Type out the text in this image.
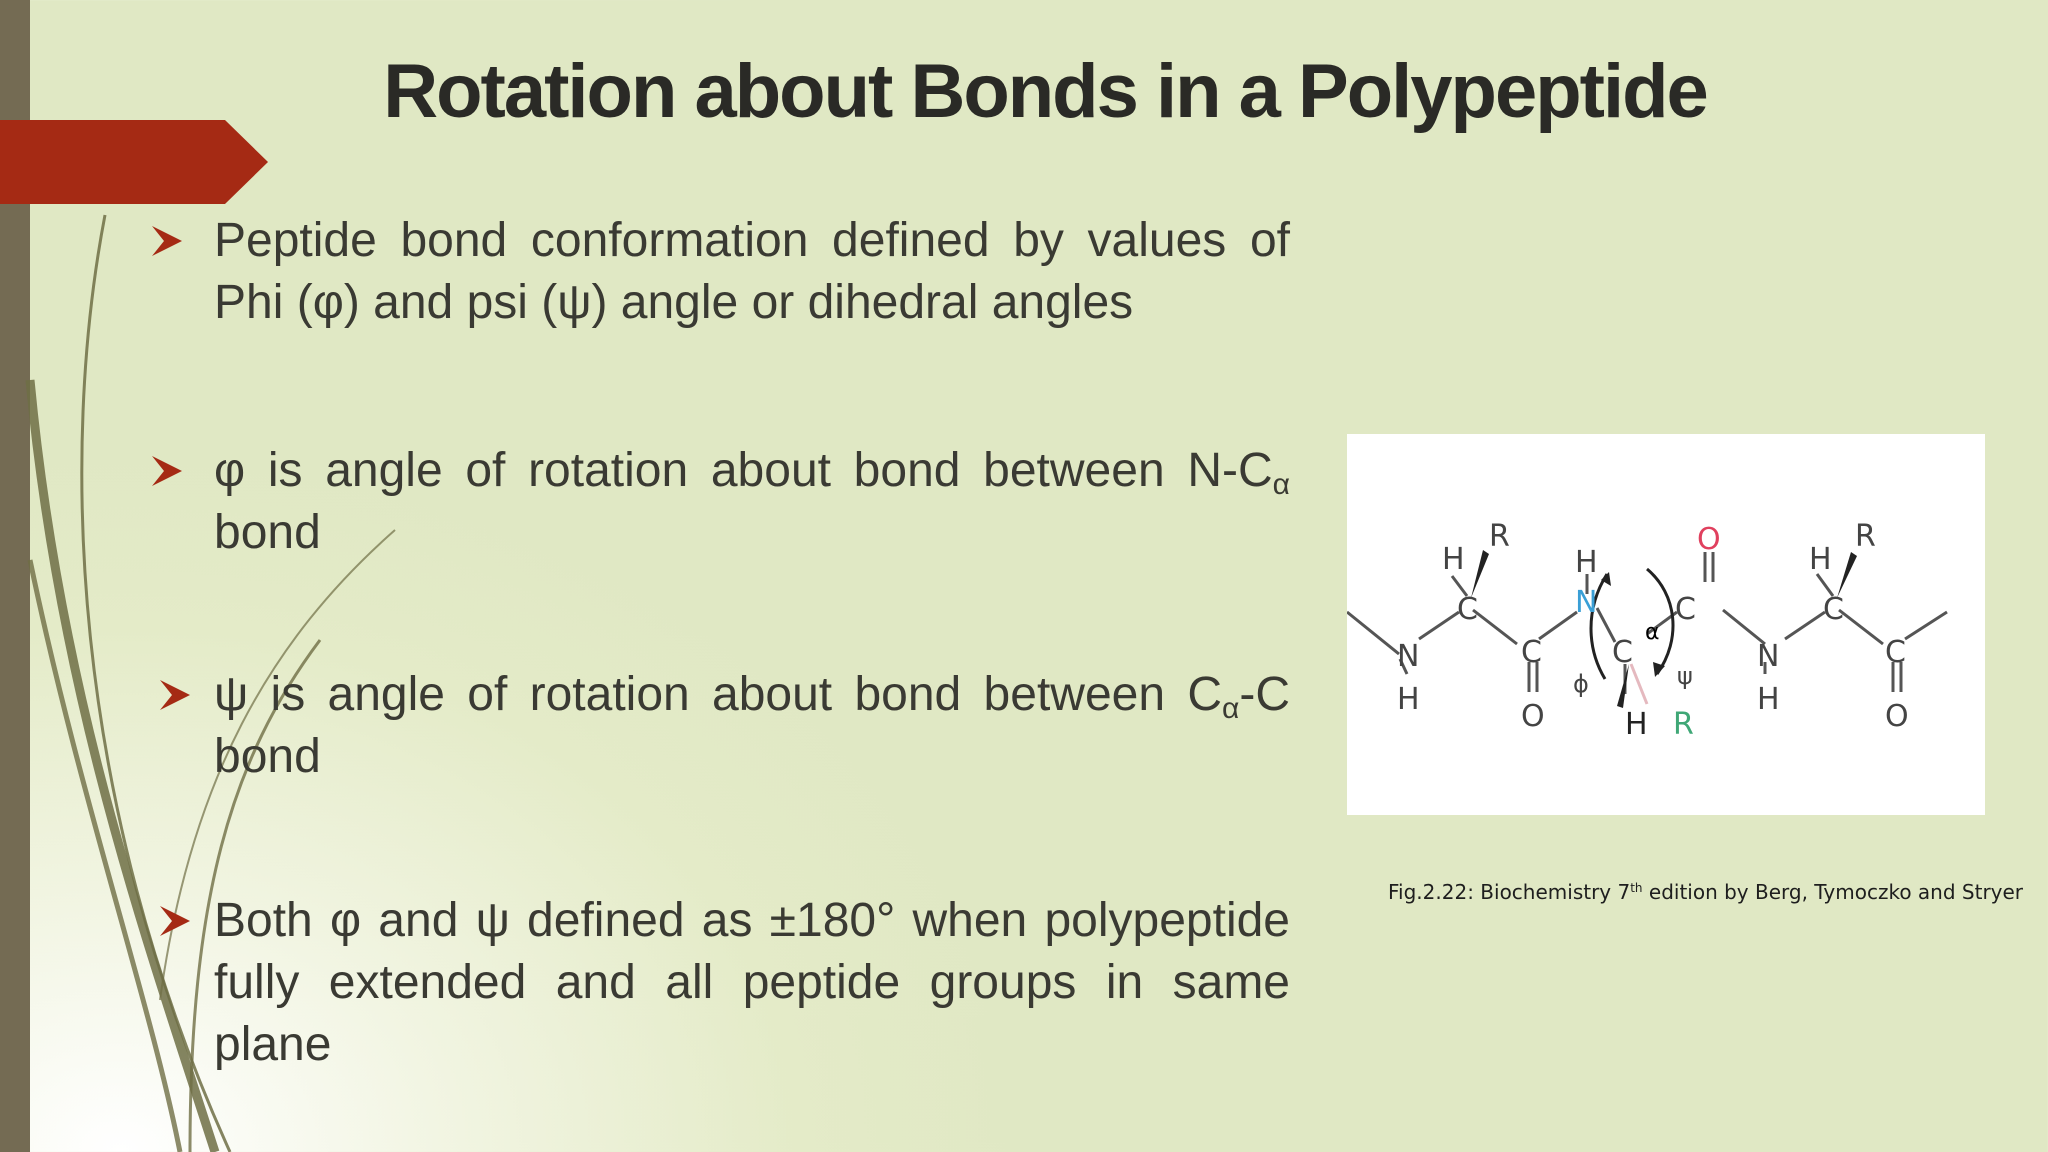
Rotation about Bonds in a Polypeptide
Peptide bond conformation defined by values of Phi (φ) and psi (ψ) angle or dihedral angles
φ is angle of rotation about bond between $N-C_\alpha$ bond
ψ is angle of rotation about bond between $C_\alpha-C$ bond
Both φ and ψ defined as ±180° when polypeptide fully extended and all peptide groups in same plane
N
H
C
H
R
C
O
H
C
α
H
C
N
H
C
H
R
C
O
ϕ	ψ
N
O
R
Fig.2.22: Biochemistry 7th edition by Berg, Tymoczko and Stryer
